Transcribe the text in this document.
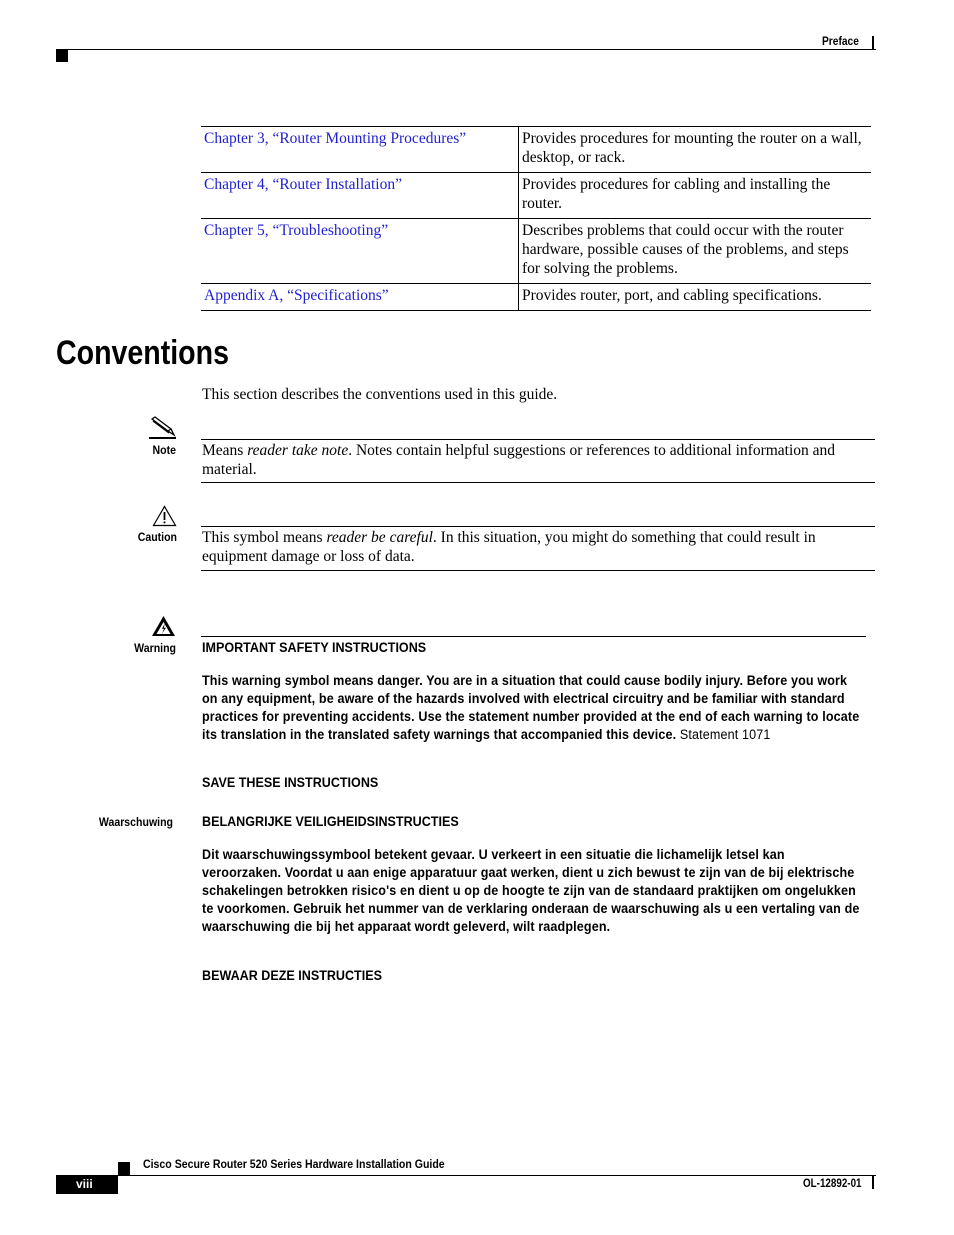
Preface
Chapter 3, “Router Mounting Procedures”	Provides procedures for mounting the router on a wall, desktop, or rack.
Chapter 4, “Router Installation”	Provides procedures for cabling and installing the router.
Chapter 5, “Troubleshooting”	Describes problems that could occur with the router hardware, possible causes of the problems, and steps for solving the problems.
Appendix A, “Specifications”	Provides router, port, and cabling specifications.
Conventions
This section describes the conventions used in this guide.
Note Means reader take note. Notes contain helpful suggestions or references to additional information and material.
Caution This symbol means reader be careful. In this situation, you might do something that could result in equipment damage or loss of data.
Warning IMPORTANT SAFETY INSTRUCTIONS
This warning symbol means danger. You are in a situation that could cause bodily injury. Before you work on any equipment, be aware of the hazards involved with electrical circuitry and be familiar with standard practices for preventing accidents. Use the statement number provided at the end of each warning to locate its translation in the translated safety warnings that accompanied this device. Statement 1071
SAVE THESE INSTRUCTIONS
Waarschuwing BELANGRIJKE VEILIGHEIDSINSTRUCTIES
Dit waarschuwingssymbool betekent gevaar. U verkeert in een situatie die lichamelijk letsel kan veroorzaken. Voordat u aan enige apparatuur gaat werken, dient u zich bewust te zijn van de bij elektrische schakelingen betrokken risico's en dient u op de hoogte te zijn van de standaard praktijken om ongelukken te voorkomen. Gebruik het nummer van de verklaring onderaan de waarschuwing als u een vertaling van de waarschuwing die bij het apparaat wordt geleverd, wilt raadplegen.
BEWAAR DEZE INSTRUCTIES
Cisco Secure Router 520 Series Hardware Installation Guide
viii	OL-12892-01
